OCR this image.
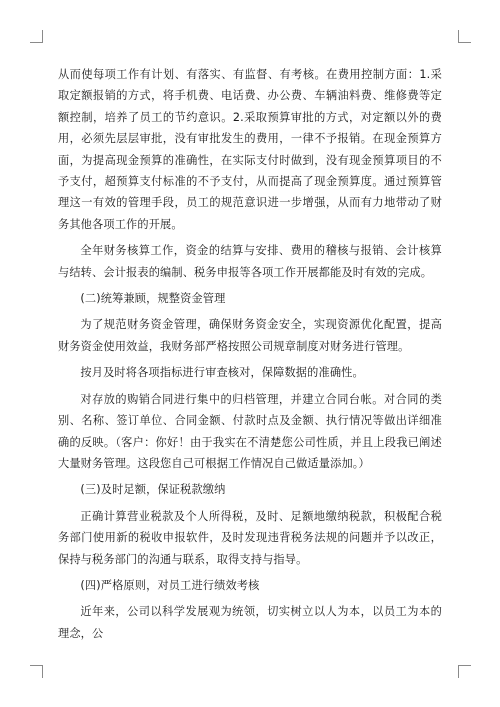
从而使每项工作有计划、有落实、有监督、有考核。在费用控制方面：1.采取定额报销的方式，将手机费、电话费、办公费、车辆油料费、维修费等定额控制，培养了员工的节约意识。2.采取预算审批的方式，对定额以外的费用，必须先层层审批，没有审批发生的费用，一律不予报销。在现金预算方面，为提高现金预算的准确性，在实际支付时做到，没有现金预算项目的不予支付，超预算支付标准的不予支付，从而提高了现金预算度。通过预算管理这一有效的管理手段，员工的规范意识进一步增强，从而有力地带动了财务其他各项工作的开展。

全年财务核算工作，资金的结算与安排、费用的稽核与报销、会计核算与结转、会计报表的编制、税务申报等各项工作开展都能及时有效的完成。

(二)统筹兼顾，规整资金管理

为了规范财务资金管理，确保财务资金安全，实现资源优化配置，提高财务资金使用效益，我财务部严格按照公司规章制度对财务进行管理。

按月及时将各项指标进行审查核对，保障数据的准确性。

对存放的购销合同进行集中的归档管理，并建立合同台帐。对合同的类别、名称、签订单位、合同金额、付款时点及金额、执行情况等做出详细准确的反映。（客户：你好！由于我实在不清楚您公司性质，并且上段我已阐述大量财务管理。这段您自己可根据工作情况自己做适量添加。）

(三)及时足额，保证税款缴纳

正确计算营业税款及个人所得税，及时、足额地缴纳税款，积极配合税务部门使用新的税收申报软件，及时发现违背税务法规的问题并予以改正，保持与税务部门的沟通与联系，取得支持与指导。

(四)严格原则，对员工进行绩效考核

近年来，公司以科学发展观为统领，切实树立以人为本，以员工为本的理念，公
